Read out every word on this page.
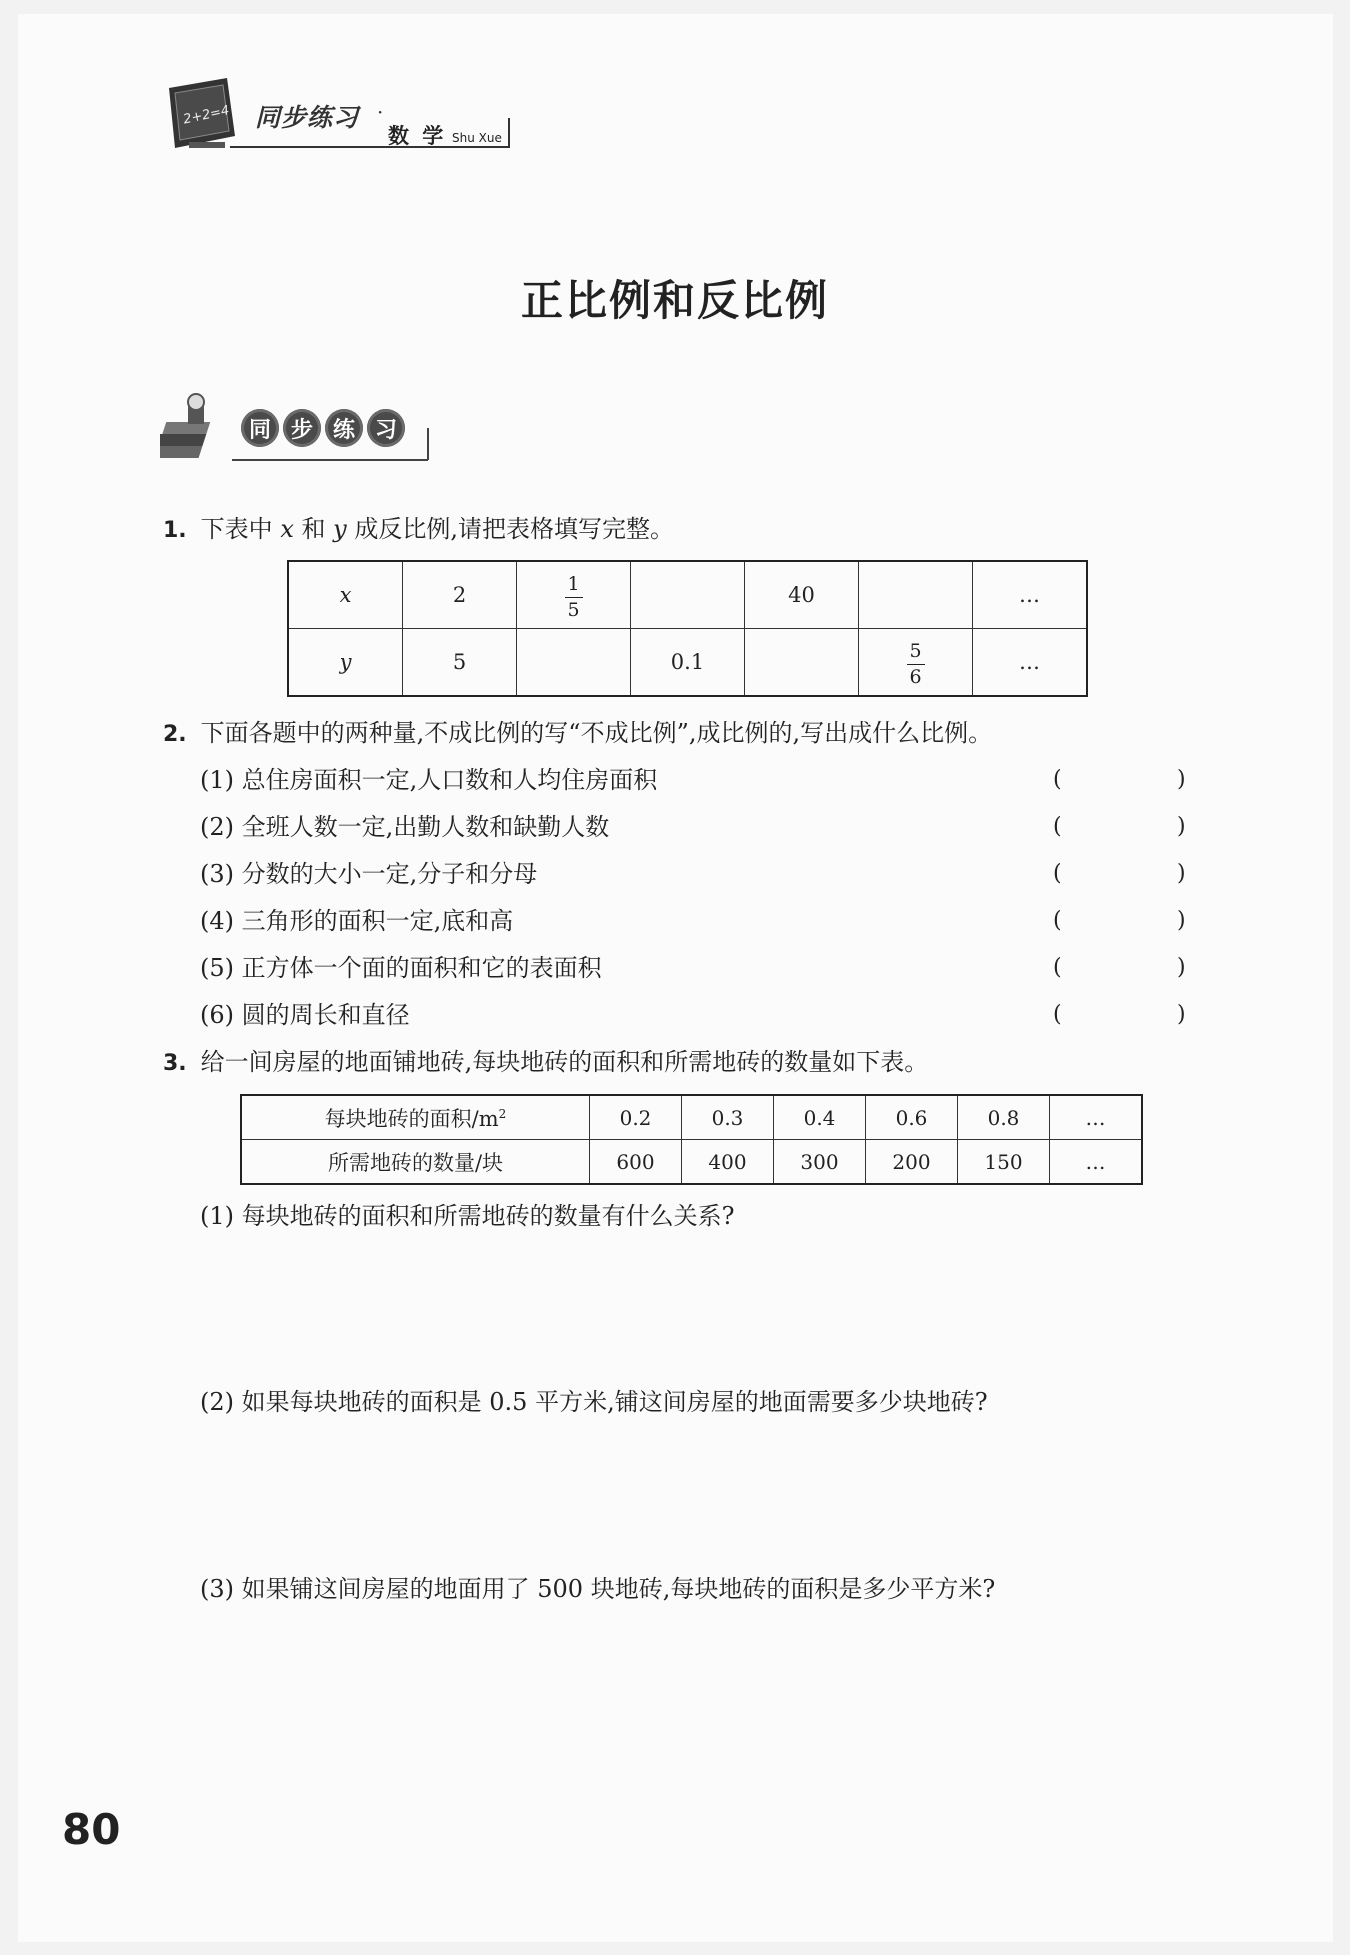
2+2=4 同步练习 ·
数 学 Shu Xue
正比例和反比例
同 步 练 习
1. 下表中 x 和 y 成反比例,请把表格填写完整。
x	2	$\frac{1}{5}$		40		…
y	5		0.1		$\frac{5}{6}$	…
2. 下面各题中的两种量,不成比例的写“不成比例”,成比例的,写出成什么比例。
(1) 总住房面积一定,人口数和人均住房面积	(	)
(2) 全班人数一定,出勤人数和缺勤人数	(	)
(3) 分数的大小一定,分子和分母	(	)
(4) 三角形的面积一定,底和高	(	)
(5) 正方体一个面的面积和它的表面积	(	)
(6) 圆的周长和直径	(	)
3. 给一间房屋的地面铺地砖,每块地砖的面积和所需地砖的数量如下表。
每块地砖的面积$/m^2$	0.2	0.3	0.4	0.6	0.8	…
所需地砖的数量/块	600	400	300	200	150	…
(1) 每块地砖的面积和所需地砖的数量有什么关系?
(2) 如果每块地砖的面积是 0.5 平方米,铺这间房屋的地面需要多少块地砖?
(3) 如果铺这间房屋的地面用了 500 块地砖,每块地砖的面积是多少平方米?
80
